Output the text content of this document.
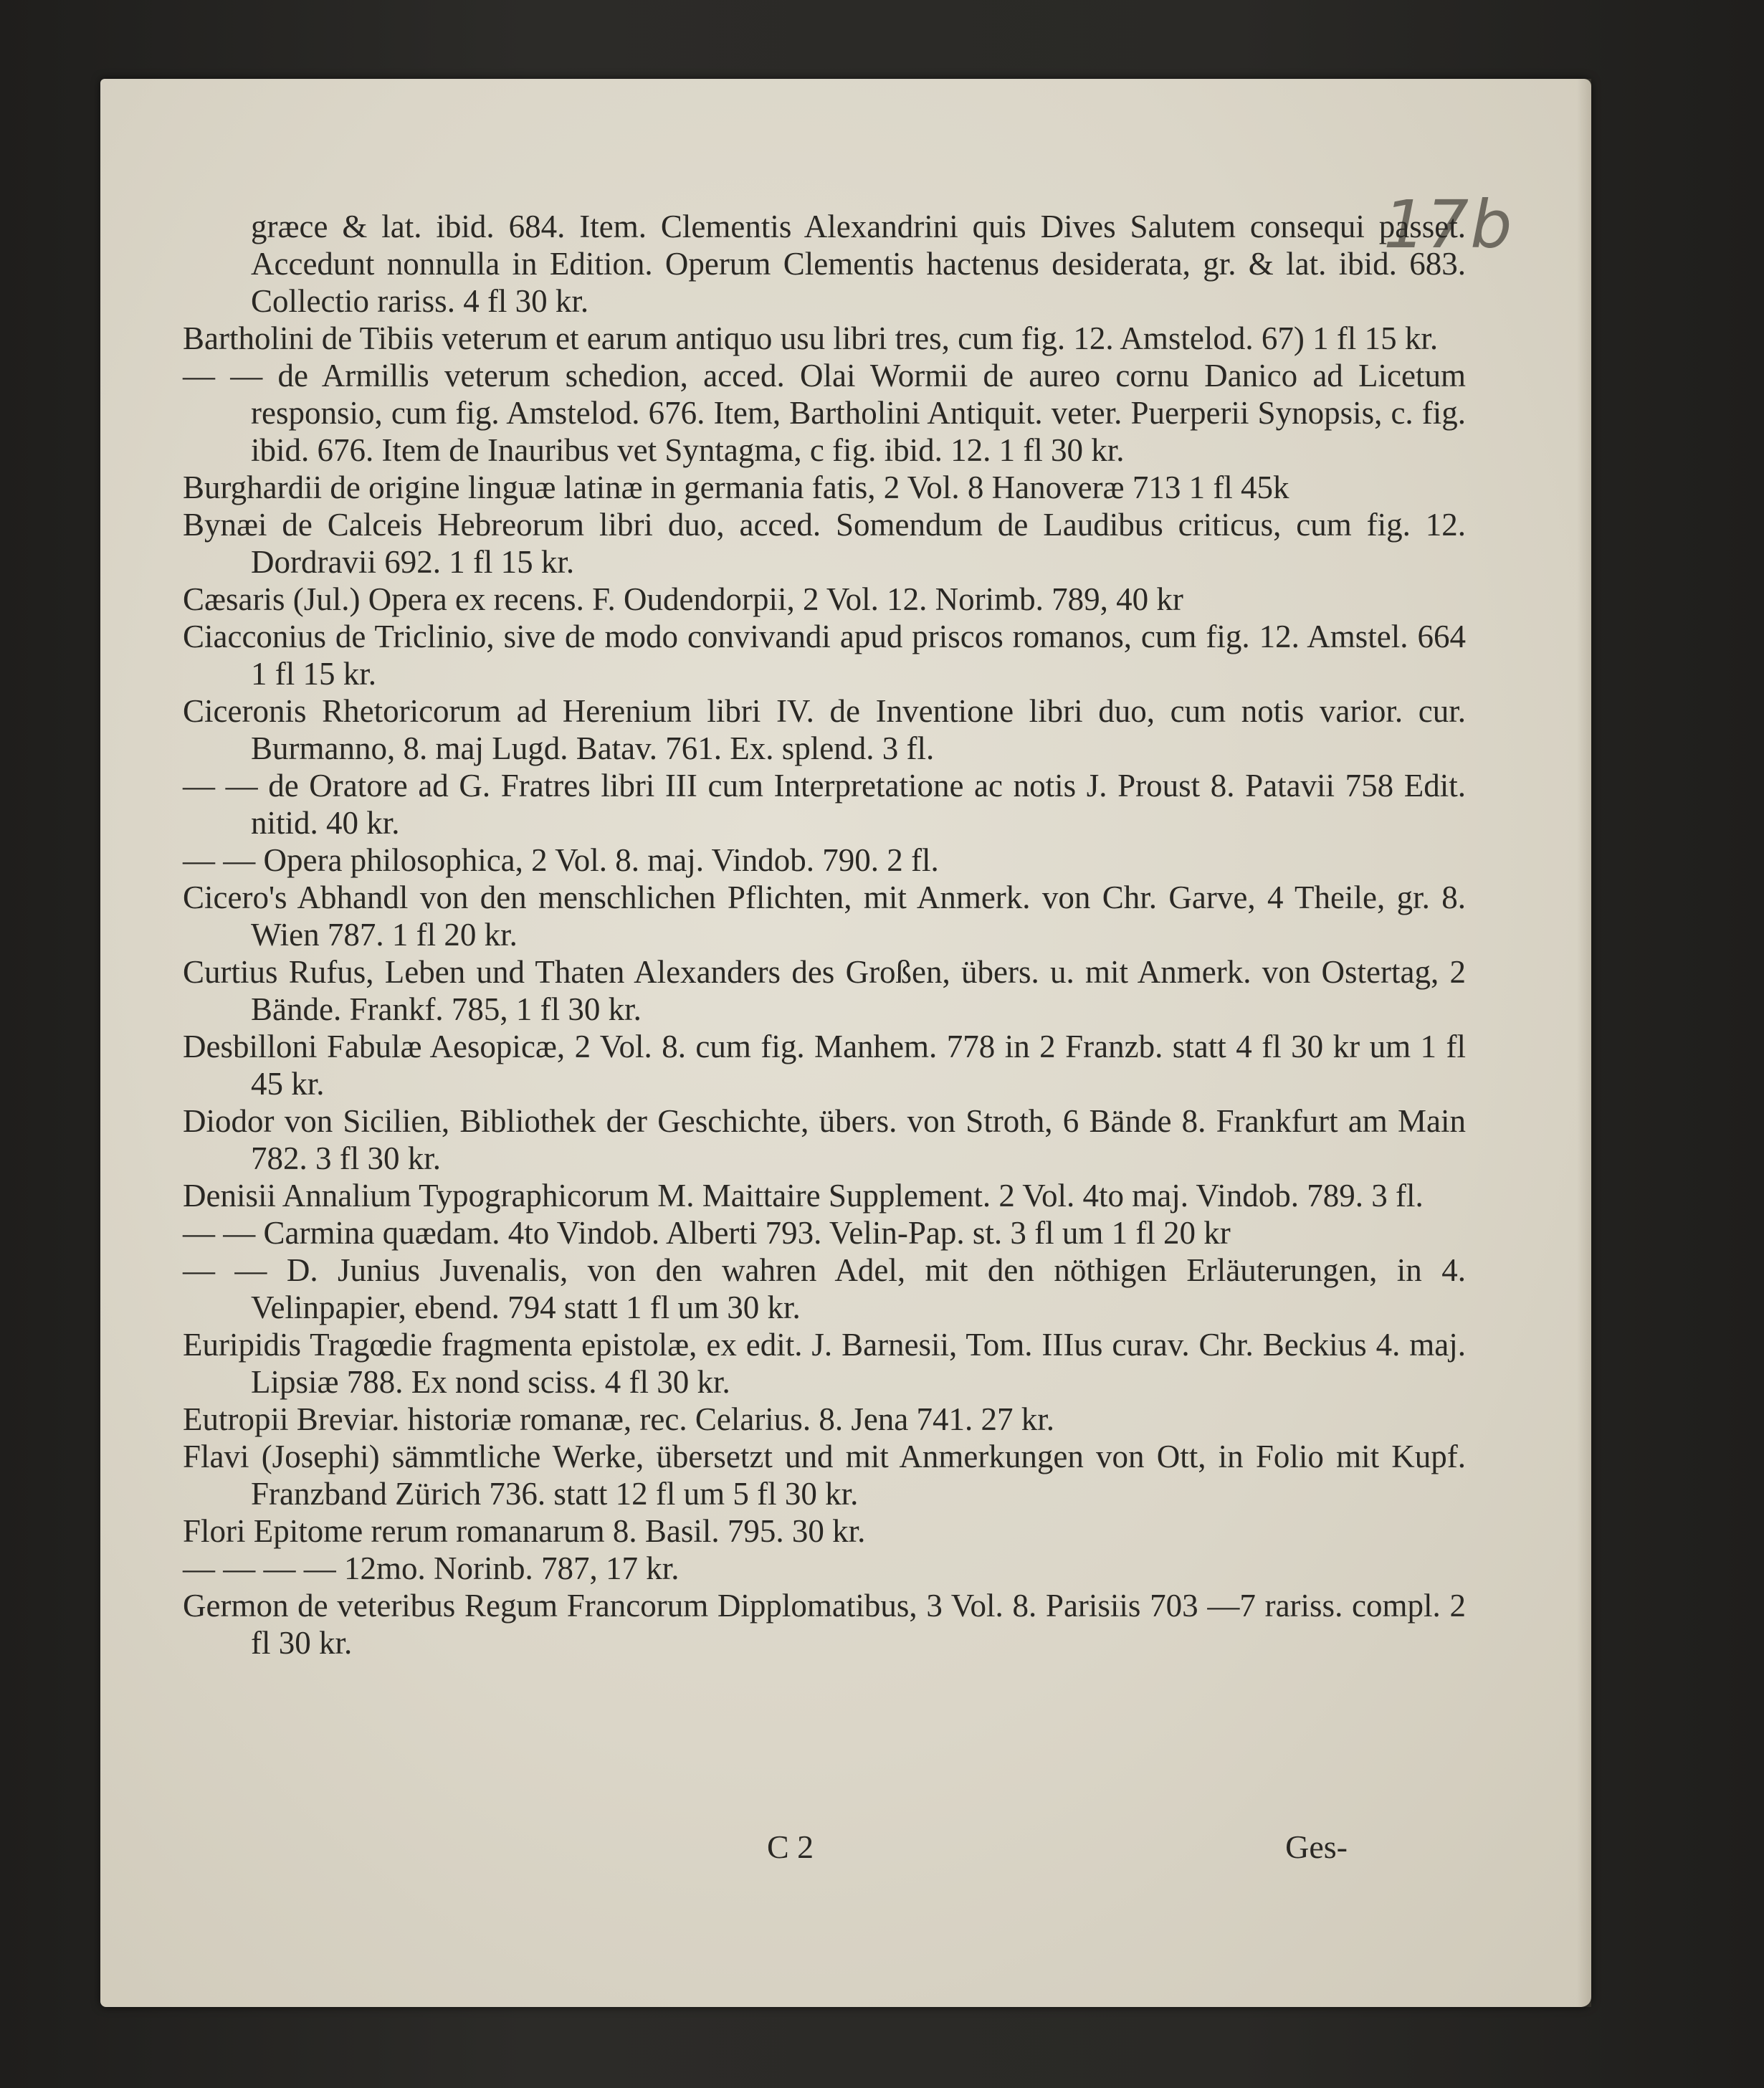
17b

græce & lat. ibid. 684. Item. Clementis Alexandrini quis Dives Salutem consequi passet. Accedunt nonnulla in Edition. Operum Clementis hactenus desiderata, gr. & lat. ibid. 683. Collectio rariss. 4 fl 30 kr.

Bartholini de Tibiis veterum et earum antiquo usu libri tres, cum fig. 12. Amstelod. 67) 1 fl 15 kr.

— — de Armillis veterum schedion, acced. Olai Wormii de aureo cornu Danico ad Licetum responsio, cum fig. Amstelod. 676. Item, Bartholini Antiquit. veter. Puerperii Synopsis, c. fig. ibid. 676. Item de Inauribus vet Syntagma, c fig. ibid. 12. 1 fl 30 kr.

Burghardii de origine linguæ latinæ in germania fatis, 2 Vol. 8 Hanoveræ 713 1 fl 45k

Bynæi de Calceis Hebreorum libri duo, acced. Somendum de Laudibus criticus, cum fig. 12. Dordravii 692. 1 fl 15 kr.

Cæsaris (Jul.) Opera ex recens. F. Oudendorpii, 2 Vol. 12. Norimb. 789, 40 kr

Ciacconius de Triclinio, sive de modo convivandi apud priscos romanos, cum fig. 12. Amstel. 664 1 fl 15 kr.

Ciceronis Rhetoricorum ad Herenium libri IV. de Inventione libri duo, cum notis varior. cur. Burmanno, 8. maj Lugd. Batav. 761. Ex. splend. 3 fl.

— — de Oratore ad G. Fratres libri III cum Interpretatione ac notis J. Proust 8. Patavii 758 Edit. nitid. 40 kr.

— — Opera philosophica, 2 Vol. 8. maj. Vindob. 790. 2 fl.

Cicero's Abhandl von den menschlichen Pflichten, mit Anmerk. von Chr. Garve, 4 Theile, gr. 8. Wien 787. 1 fl 20 kr.

Curtius Rufus, Leben und Thaten Alexanders des Großen, übers. u. mit Anmerk. von Ostertag, 2 Bände. Frankf. 785, 1 fl 30 kr.

Desbilloni Fabulæ Aesopicæ, 2 Vol. 8. cum fig. Manhem. 778 in 2 Franzb. statt 4 fl 30 kr um 1 fl 45 kr.

Diodor von Sicilien, Bibliothek der Geschichte, übers. von Stroth, 6 Bände 8. Frankfurt am Main 782. 3 fl 30 kr.

Denisii Annalium Typographicorum M. Maittaire Supplement. 2 Vol. 4to maj. Vindob. 789. 3 fl.

— — Carmina quædam. 4to Vindob. Alberti 793. Velin-Pap. st. 3 fl um 1 fl 20 kr

— — D. Junius Juvenalis, von den wahren Adel, mit den nöthigen Erläuterungen, in 4. Velinpapier, ebend. 794 statt 1 fl um 30 kr.

Euripidis Tragœdie fragmenta epistolæ, ex edit. J. Barnesii, Tom. IIIus curav. Chr. Beckius 4. maj. Lipsiæ 788. Ex nond sciss. 4 fl 30 kr.

Eutropii Breviar. historiæ romanæ, rec. Celarius. 8. Jena 741. 27 kr.

Flavi (Josephi) sämmtliche Werke, übersetzt und mit Anmerkungen von Ott, in Folio mit Kupf. Franzband Zürich 736. statt 12 fl um 5 fl 30 kr.

Flori Epitome rerum romanarum 8. Basil. 795. 30 kr.

— — — — 12mo. Norinb. 787, 17 kr.

Germon de veteribus Regum Francorum Dipplomatibus, 3 Vol. 8. Parisiis 703 —7 rariss. compl. 2 fl 30 kr.

C 2	Ges-
